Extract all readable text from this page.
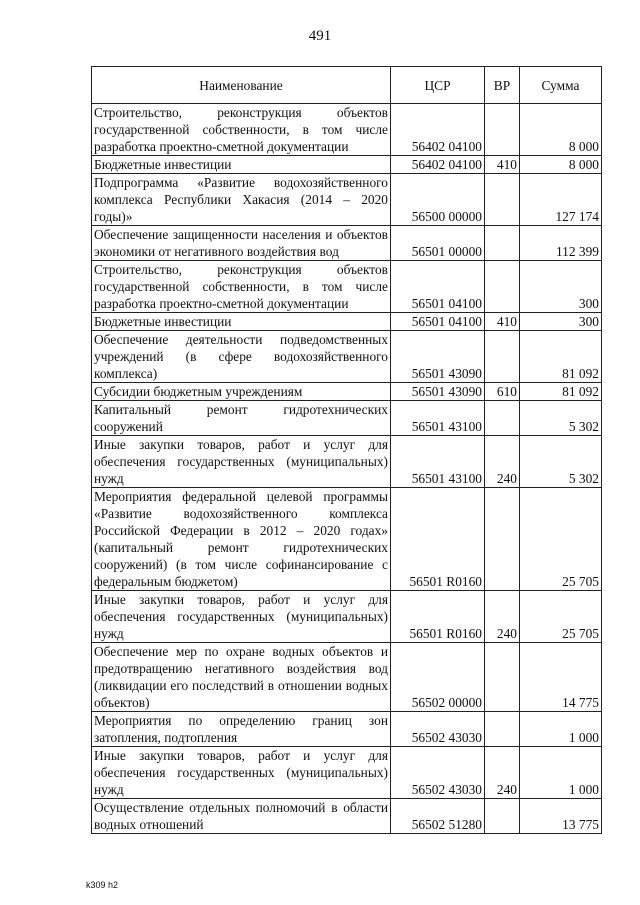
491
Наименование	ЦСР	ВР	Сумма
Строительство, реконструкция объектов государственной собственности, в том числе разработка проектно-сметной документации	56402 04100		8 000
Бюджетные инвестиции	56402 04100	410	8 000
Подпрограмма «Развитие водохозяйственного комплекса Республики Хакасия (2014 – 2020 годы)»	56500 00000		127 174
Обеспечение защищенности населения и объектов экономики от негативного воздействия вод	56501 00000		112 399
Строительство, реконструкция объектов государственной собственности, в том числе разработка проектно-сметной документации	56501 04100		300
Бюджетные инвестиции	56501 04100	410	300
Обеспечение деятельности подведомственных учреждений (в сфере водохозяйственного комплекса)	56501 43090		81 092
Субсидии бюджетным учреждениям	56501 43090	610	81 092
Капитальный ремонт гидротехнических сооружений	56501 43100		5 302
Иные закупки товаров, работ и услуг для обеспечения государственных (муниципальных) нужд	56501 43100	240	5 302
Мероприятия федеральной целевой программы «Развитие водохозяйственного комплекса Российской Федерации в 2012 – 2020 годах» (капитальный ремонт гидротехнических сооружений) (в том числе софинансирование с федеральным бюджетом)	56501 R0160		25 705
Иные закупки товаров, работ и услуг для обеспечения государственных (муниципальных) нужд	56501 R0160	240	25 705
Обеспечение мер по охране водных объектов и предотвращению негативного воздействия вод (ликвидации его последствий в отношении водных объектов)	56502 00000		14 775
Мероприятия по определению границ зон затопления, подтопления	56502 43030		1 000
Иные закупки товаров, работ и услуг для обеспечения государственных (муниципальных) нужд	56502 43030	240	1 000
Осуществление отдельных полномочий в области водных отношений	56502 51280		13 775
k309 h2
